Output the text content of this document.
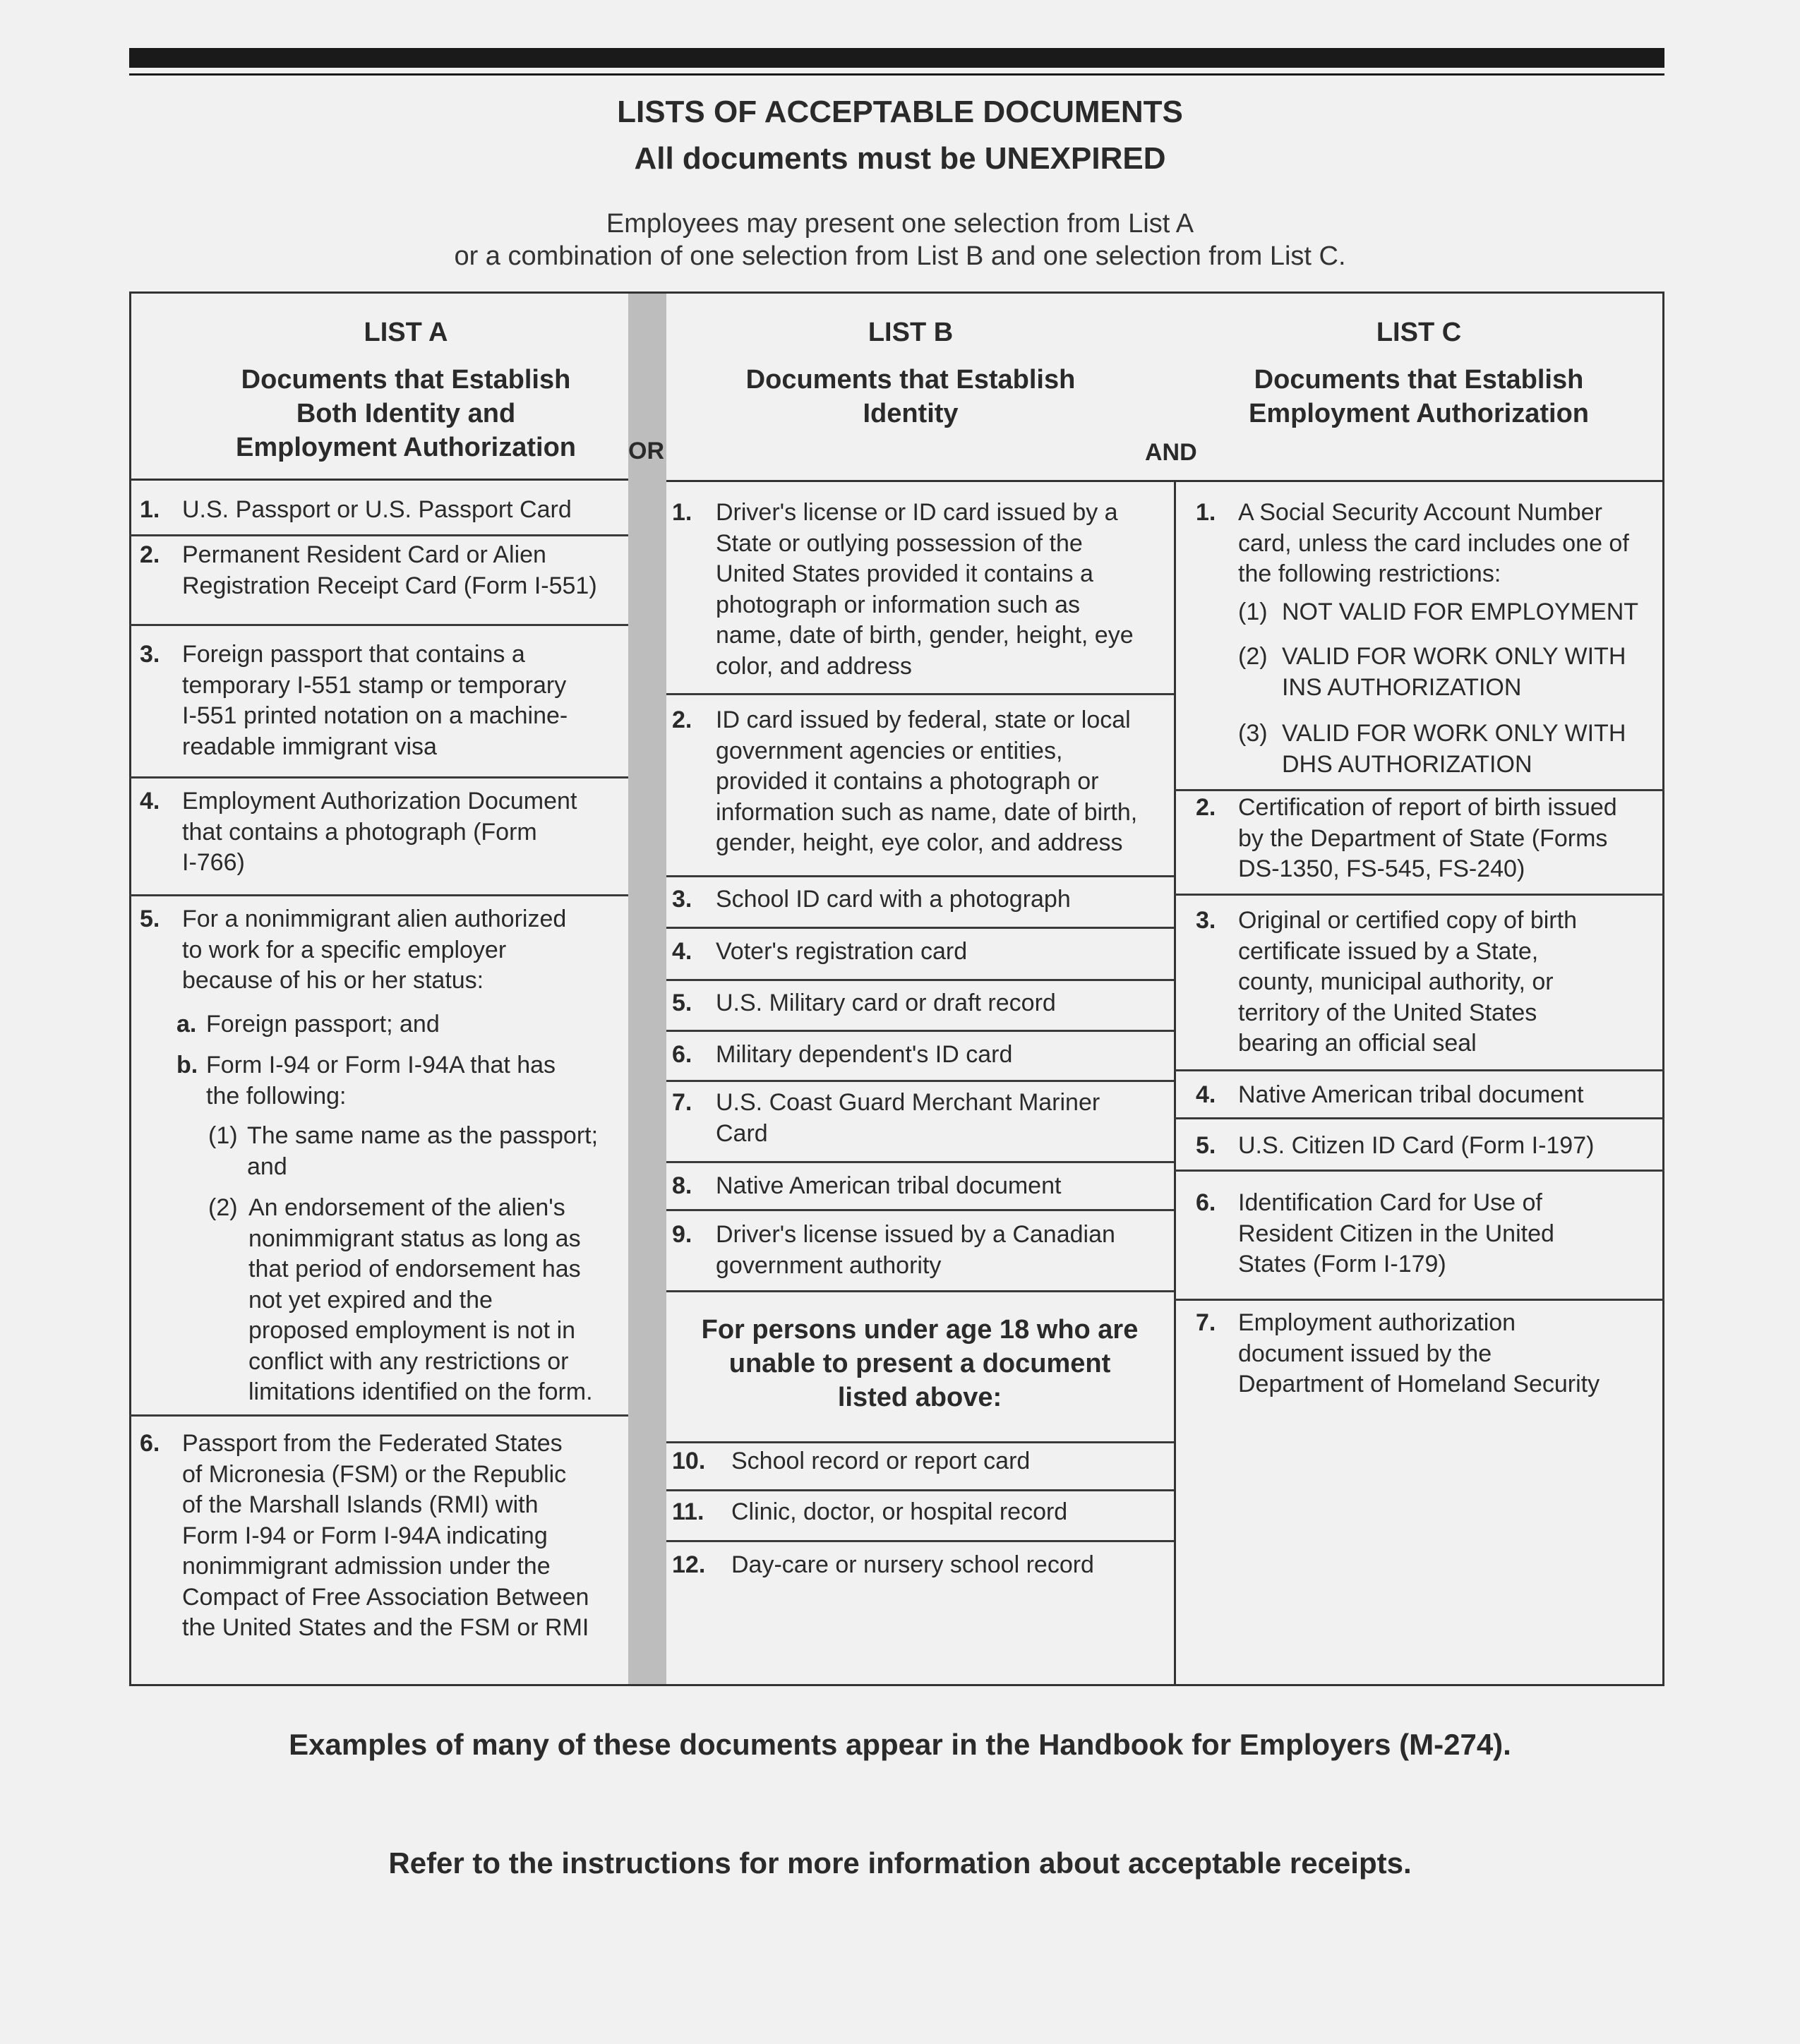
LISTS OF ACCEPTABLE DOCUMENTS
All documents must be UNEXPIRED
Employees may present one selection from List A
or a combination of one selection from List B and one selection from List C.
LIST A
Documents that Establish
Both Identity and
Employment Authorization	OR
LIST B
Documents that Establish
Identity
AND
LIST C
Documents that Establish
Employment Authorization
1. U.S. Passport or U.S. Passport Card
2. Permanent Resident Card or Alien
Registration Receipt Card (Form I-551)
3. Foreign passport that contains a
temporary I-551 stamp or temporary
I-551 printed notation on a machine-
readable immigrant visa
4. Employment Authorization Document
that contains a photograph (Form
I-766)
5. For a nonimmigrant alien authorized
to work for a specific employer
because of his or her status:
6. Passport from the Federated States
of Micronesia (FSM) or the Republic
of the Marshall Islands (RMI) with
Form I-94 or Form I-94A indicating
nonimmigrant admission under the
Compact of Free Association Between
the United States and the FSM or RMI
a. Foreign passport; and
b. Form I-94 or Form I-94A that has
the following:
(1) The same name as the passport;
and
(2) An endorsement of the alien's
nonimmigrant status as long as
that period of endorsement has
not yet expired and the
proposed employment is not in
conflict with any restrictions or
limitations identified on the form.
1. Driver's license or ID card issued by a
State or outlying possession of the
United States provided it contains a
photograph or information such as
name, date of birth, gender, height, eye
color, and address
2. ID card issued by federal, state or local
government agencies or entities,
provided it contains a photograph or
information such as name, date of birth,
gender, height, eye color, and address
3. School ID card with a photograph
4. Voter's registration card
5. U.S. Military card or draft record
6. Military dependent's ID card
7. U.S. Coast Guard Merchant Mariner
Card
8. Native American tribal document
9. Driver's license issued by a Canadian
government authority
For persons under age 18 who are
unable to present a document
listed above:
10. School record or report card
11. Clinic, doctor, or hospital record
12. Day-care or nursery school record
1. A Social Security Account Number
card, unless the card includes one of
the following restrictions:
2. Certification of report of birth issued
by the Department of State (Forms
DS-1350, FS-545, FS-240)
3. Original or certified copy of birth
certificate issued by a State,
county, municipal authority, or
territory of the United States
bearing an official seal
4. Native American tribal document
5. U.S. Citizen ID Card (Form I-197)
6. Identification Card for Use of
Resident Citizen in the United
States (Form I-179)
7. Employment authorization
document issued by the
Department of Homeland Security
(1) NOT VALID FOR EMPLOYMENT
(2) VALID FOR WORK ONLY WITH
INS AUTHORIZATION
(3) VALID FOR WORK ONLY WITH
DHS AUTHORIZATION
Examples of many of these documents appear in the Handbook for Employers (M-274).
Refer to the instructions for more information about acceptable receipts.
